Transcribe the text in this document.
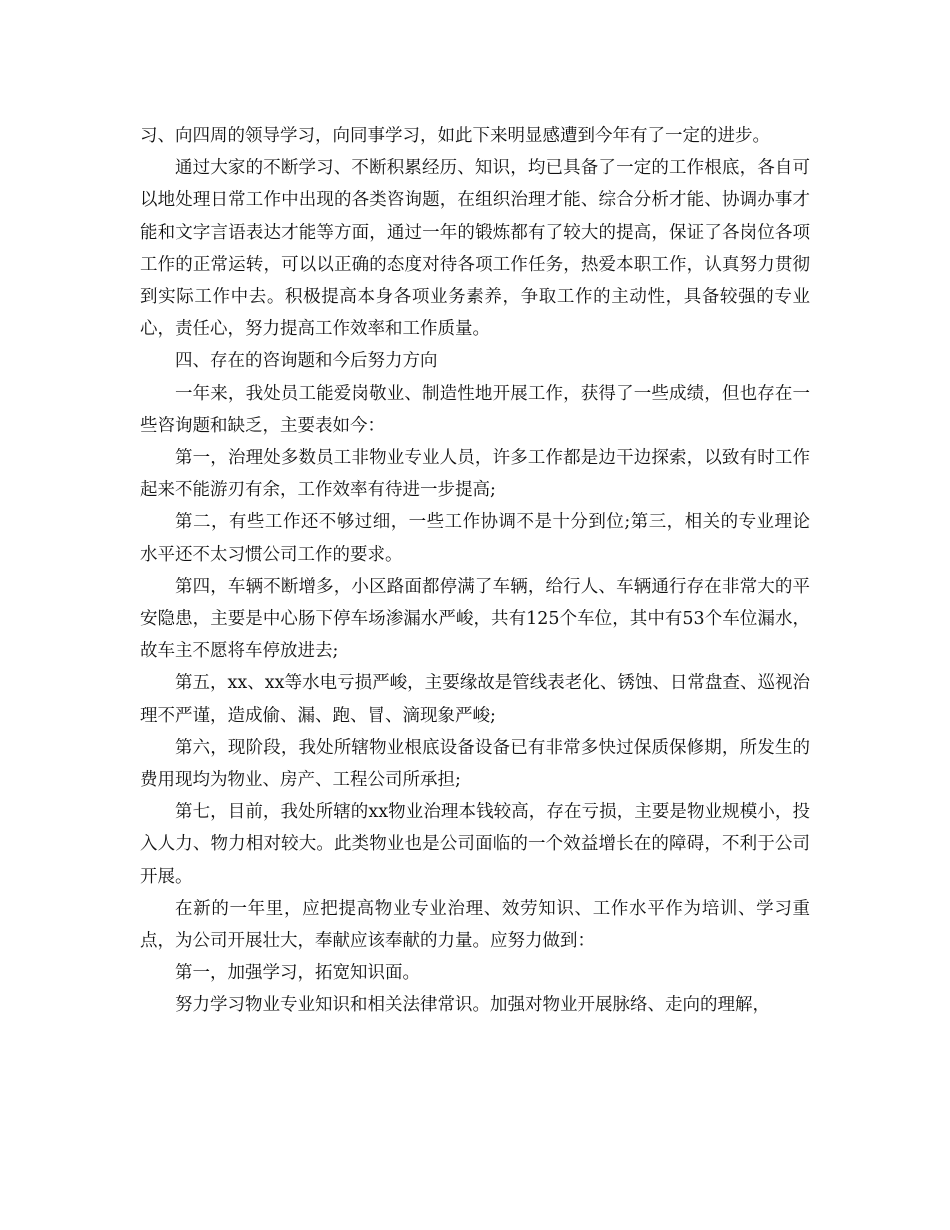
习、向四周的领导学习，向同事学习，如此下来明显感遭到今年有了一定的进步。

通过大家的不断学习、不断积累经历、知识，均已具备了一定的工作根底，各自可以地处理日常工作中出现的各类咨询题，在组织治理才能、综合分析才能、协调办事才能和文字言语表达才能等方面，通过一年的锻炼都有了较大的提高，保证了各岗位各项工作的正常运转，可以以正确的态度对待各项工作任务，热爱本职工作，认真努力贯彻到实际工作中去。积极提高本身各项业务素养，争取工作的主动性，具备较强的专业心，责任心，努力提高工作效率和工作质量。

四、存在的咨询题和今后努力方向

一年来，我处员工能爱岗敬业、制造性地开展工作，获得了一些成绩，但也存在一些咨询题和缺乏，主要表如今：

第一，治理处多数员工非物业专业人员，许多工作都是边干边探索，以致有时工作起来不能游刃有余，工作效率有待进一步提高;

第二，有些工作还不够过细，一些工作协调不是十分到位;第三，相关的专业理论水平还不太习惯公司工作的要求。

第四，车辆不断增多，小区路面都停满了车辆，给行人、车辆通行存在非常大的平安隐患，主要是中心肠下停车场渗漏水严峻，共有125个车位，其中有53个车位漏水，故车主不愿将车停放进去;

第五，xx、xx等水电亏损严峻，主要缘故是管线表老化、锈蚀、日常盘查、巡视治理不严谨，造成偷、漏、跑、冒、滴现象严峻;

第六，现阶段，我处所辖物业根底设备设备已有非常多快过保质保修期，所发生的费用现均为物业、房产、工程公司所承担;

第七，目前，我处所辖的xx物业治理本钱较高，存在亏损，主要是物业规模小，投入人力、物力相对较大。此类物业也是公司面临的一个效益增长在的障碍，不利于公司开展。

在新的一年里，应把提高物业专业治理、效劳知识、工作水平作为培训、学习重点，为公司开展壮大，奉献应该奉献的力量。应努力做到：

第一，加强学习，拓宽知识面。

努力学习物业专业知识和相关法律常识。加强对物业开展脉络、走向的理解，
